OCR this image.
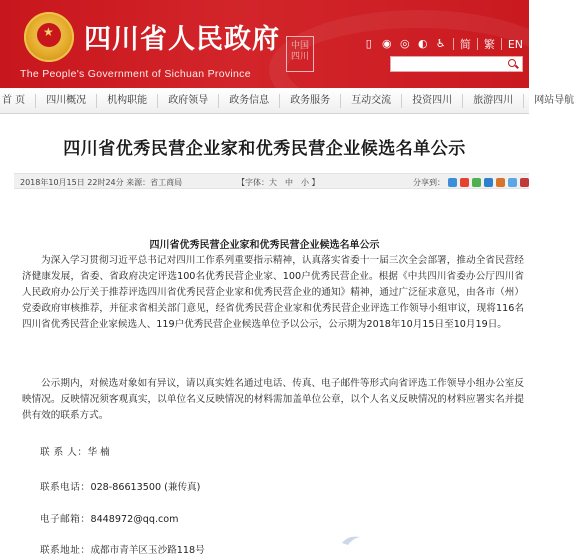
★ 四川省人民政府
The People's Government of Sichuan Province
中国四川
▯ ◉ ◎ ◐ ♿ 简 繁 EN
首 页	四川概况	机构职能	政府领导	政务信息	政务服务	互动交流	投资四川	旅游四川	网站导航
四川省优秀民营企业家和优秀民营企业候选名单公示
2018年10月15日 22时24分 来源：省工商局	【字体：大　中　小 】	分享到：
四川省优秀民营企业家和优秀民营企业候选名单公示
为深入学习贯彻习近平总书记对四川工作系列重要指示精神，认真落实省委十一届三次全会部署，推动全省民营经济健康发展，省委、省政府决定评选100名优秀民营企业家、100户优秀民营企业。根据《中共四川省委办公厅四川省人民政府办公厅关于推荐评选四川省优秀民营企业家和优秀民营企业的通知》精神，通过广泛征求意见，由各市（州）党委政府审核推荐，并征求省相关部门意见，经省优秀民营企业家和优秀民营企业评选工作领导小组审议，现将116名四川省优秀民营企业家候选人、119户优秀民营企业候选单位予以公示，公示期为2018年10月15日至10月19日。
公示期内，对候选对象如有异议，请以真实姓名通过电话、传真、电子邮件等形式向省评选工作领导小组办公室反映情况。反映情况须客观真实，以单位名义反映情况的材料需加盖单位公章，以个人名义反映情况的材料应署实名并提供有效的联系方式。
联 系 人：华 楠
联系电话：028-86613500 (兼传真)
电子邮箱：8448972@qq.com
联系地址：成都市青羊区玉沙路118号
